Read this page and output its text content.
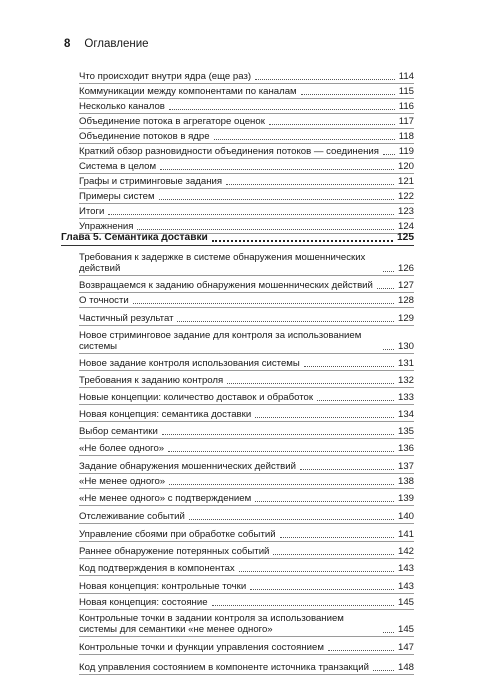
8 Оглавление
Что происходит внутри ядра (еще раз)	114
Коммуникации между компонентами по каналам	115
Несколько каналов	116
Объединение потока в агрегаторе оценок	117
Объединение потоков в ядре	118
Краткий обзор разновидности объединения потоков — соединения 119
Система в целом	120
Графы и стриминговые задания	121
Примеры систем	122
Итоги	123
Упражнения	124
Глава 5. Семантика доставки	125
Требования к задержке в системе обнаружения мошеннических действий	126
Возвращаемся к заданию обнаружения мошеннических действий	127
О точности	128
Частичный результат	129
Новое стриминговое задание для контроля за использованием системы	130
Новое задание контроля использования системы	131
Требования к заданию контроля	132
Новые концепции: количество доставок и обработок	133
Новая концепция: семантика доставки	134
Выбор семантики	135
«Не более одного»	136
Задание обнаружения мошеннических действий	137
«Не менее одного»	138
«Не менее одного» с подтверждением	139
Отслеживание событий	140
Управление сбоями при обработке событий	141
Раннее обнаружение потерянных событий	142
Код подтверждения в компонентах	143
Новая концепция: контрольные точки	143
Новая концепция: состояние	145
Контрольные точки в задании контроля за использованием системы для семантики «не менее одного»	145
Контрольные точки и функции управления состоянием	147
Код управления состоянием в компоненте источника транзакций	148
